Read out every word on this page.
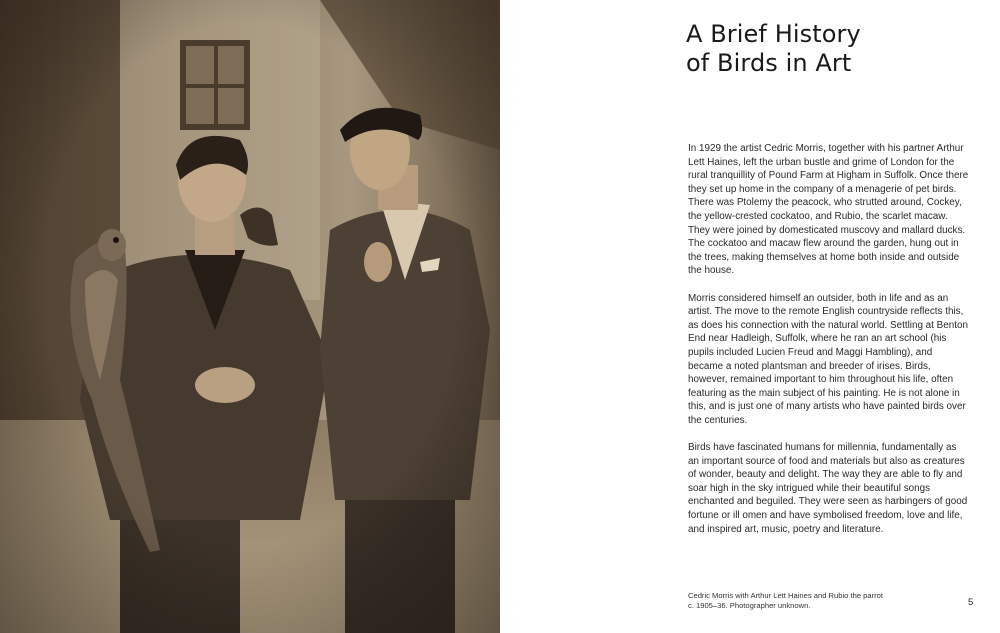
A Brief History
of Birds in Art

In 1929 the artist Cedric Morris, together with his partner Arthur Lett Haines, left the urban bustle and grime of London for the rural tranquillity of Pound Farm at Higham in Suffolk. Once there they set up home in the company of a menagerie of pet birds. There was Ptolemy the peacock, who strutted around, Cockey, the yellow-crested cockatoo, and Rubio, the scarlet macaw. They were joined by domesticated muscovy and mallard ducks. The cockatoo and macaw flew around the garden, hung out in the trees, making themselves at home both inside and outside the house.

Morris considered himself an outsider, both in life and as an artist. The move to the remote English countryside reflects this, as does his connection with the natural world. Settling at Benton End near Hadleigh, Suffolk, where he ran an art school (his pupils included Lucien Freud and Maggi Hambling), and became a noted plantsman and breeder of irises. Birds, however, remained important to him throughout his life, often featuring as the main subject of his painting. He is not alone in this, and is just one of many artists who have painted birds over the centuries.

Birds have fascinated humans for millennia, fundamentally as an important source of food and materials but also as creatures of wonder, beauty and delight. The way they are able to fly and soar high in the sky intrigued while their beautiful songs enchanted and beguiled. They were seen as harbingers of good fortune or ill omen and have symbolised freedom, love and life, and inspired art, music, poetry and literature.

Cedric Morris with Arthur Lett Haines and Rubio the parrot
c. 1905–36. Photographer unknown.	5
